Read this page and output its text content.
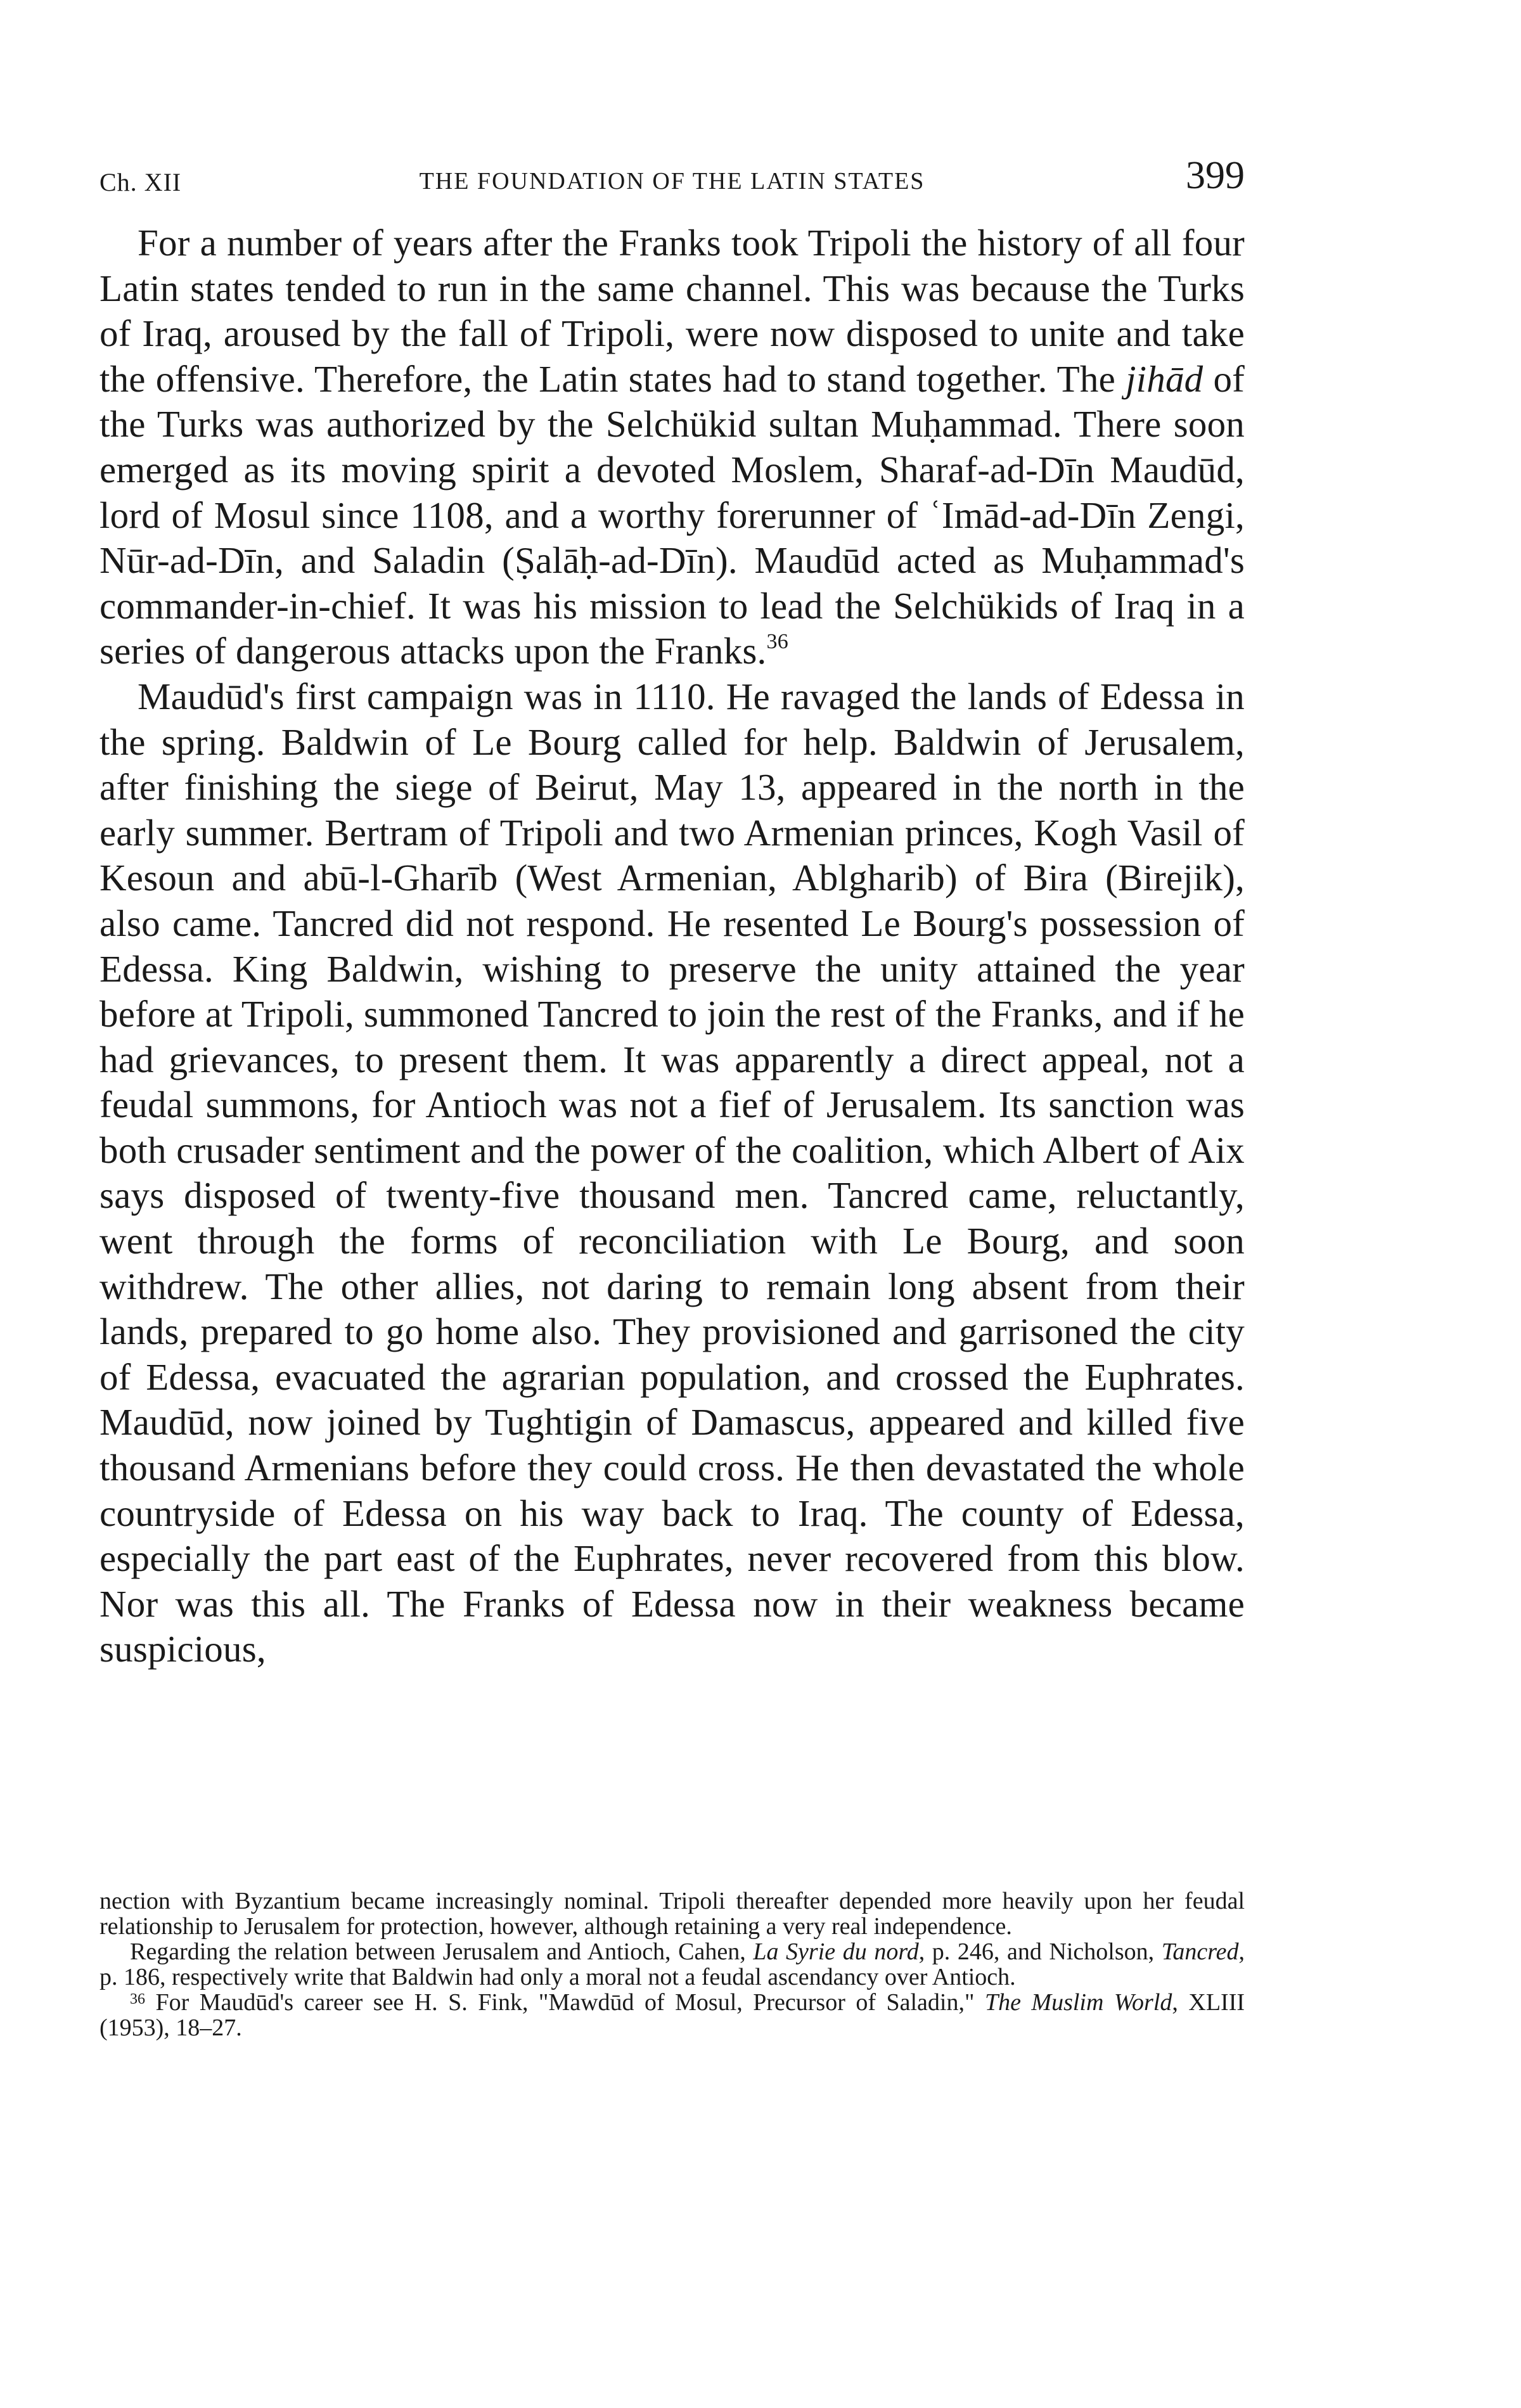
Ch. XII	THE FOUNDATION OF THE LATIN STATES	399

For a number of years after the Franks took Tripoli the history of all four Latin states tended to run in the same channel. This was because the Turks of Iraq, aroused by the fall of Tripoli, were now disposed to unite and take the offensive. Therefore, the Latin states had to stand together. The jihād of the Turks was authorized by the Selchükid sultan Muḥammad. There soon emerged as its moving spirit a devoted Moslem, Sharaf-ad-Dīn Maudūd, lord of Mosul since 1108, and a worthy forerunner of ʿImād-ad-Dīn Zengi, Nūr-ad-Dīn, and Saladin (Ṣalāḥ-ad-Dīn). Maudūd acted as Muḥammad's commander-in-chief. It was his mission to lead the Selchükids of Iraq in a series of dangerous attacks upon the Franks.$^{36}$

Maudūd's first campaign was in 1110. He ravaged the lands of Edessa in the spring. Baldwin of Le Bourg called for help. Baldwin of Jerusalem, after finishing the siege of Beirut, May 13, appeared in the north in the early summer. Bertram of Tripoli and two Armenian princes, Kogh Vasil of Kesoun and abū-l-Gharīb (West Armenian, Ablgharib) of Bira (Birejik), also came. Tancred did not respond. He resented Le Bourg's possession of Edessa. King Baldwin, wishing to preserve the unity attained the year before at Tripoli, summoned Tancred to join the rest of the Franks, and if he had grievances, to present them. It was apparently a direct appeal, not a feudal summons, for Antioch was not a fief of Jerusalem. Its sanction was both crusader sentiment and the power of the coalition, which Albert of Aix says disposed of twenty-five thousand men. Tancred came, reluctantly, went through the forms of reconciliation with Le Bourg, and soon withdrew. The other allies, not daring to remain long absent from their lands, prepared to go home also. They provisioned and garrisoned the city of Edessa, evacuated the agrarian population, and crossed the Euphrates. Maudūd, now joined by Tughtigin of Damascus, appeared and killed five thousand Armenians before they could cross. He then devastated the whole countryside of Edessa on his way back to Iraq. The county of Edessa, especially the part east of the Euphrates, never recovered from this blow. Nor was this all. The Franks of Edessa now in their weakness became suspicious,

nection with Byzantium became increasingly nominal. Tripoli thereafter depended more heavily upon her feudal relationship to Jerusalem for protection, however, although retaining a very real independence.

Regarding the relation between Jerusalem and Antioch, Cahen, La Syrie du nord, p. 246, and Nicholson, Tancred, p. 186, respectively write that Baldwin had only a moral not a feudal ascendancy over Antioch.

$^{36}$ For Maudūd's career see H. S. Fink, "Mawdūd of Mosul, Precursor of Saladin," The Muslim World, XLIII (1953), 18–27.
